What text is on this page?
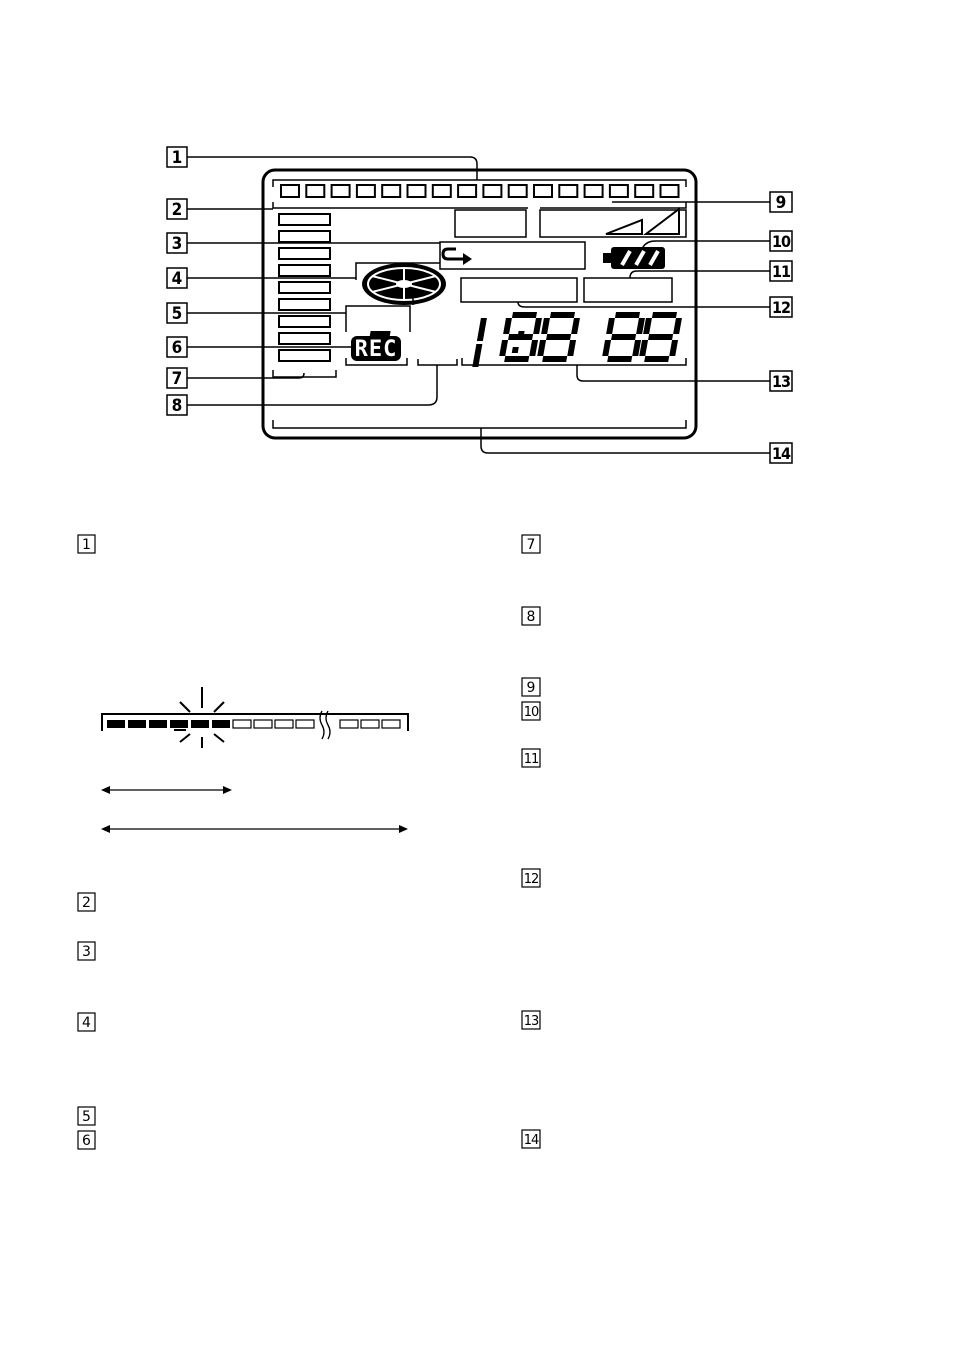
REC
1
2
3
4
5
6
7
8
9
10
11
12
13
14
1
2
3
4
5
6
7
8
9
10
11
12
13
14
